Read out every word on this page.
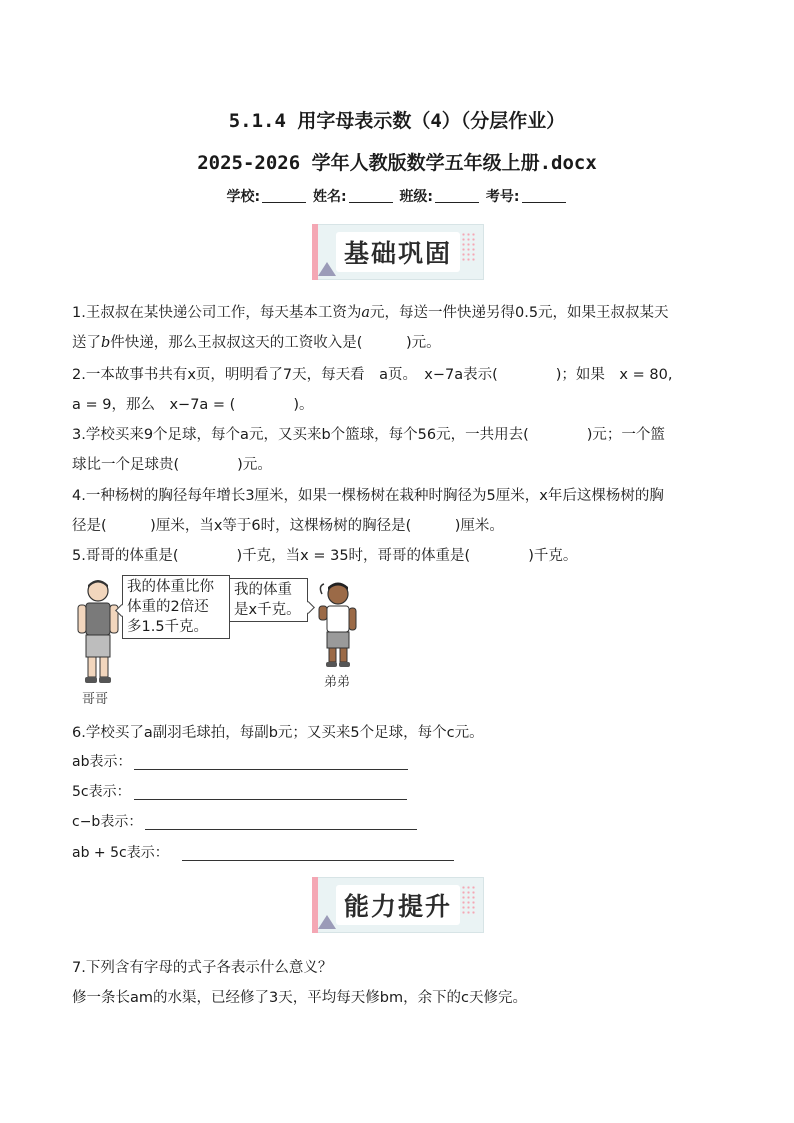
5.1.4 用字母表示数（4）（分层作业）
2025-2026 学年人教版数学五年级上册.docx
学校:	姓名:	班级:	考号:
基础巩固
1.王叔叔在某快递公司工作，每天基本工资为a元，每送一件快递另得0.5元，如果王叔叔某天
送了b件快递，那么王叔叔这天的工资收入是(　　　)元。
2.一本故事书共有x页，明明看了7天，每天看　a页。　x−7a表示(　　　　)；如果　x = 80,
a = 9，那么　x−7a = (　　　　)。
3.学校买来9个足球，每个a元，又买来b个篮球，每个56元，一共用去(　　　　)元；一个篮
球比一个足球贵(　　　　)元。
4.一种杨树的胸径每年增长3厘米，如果一棵杨树在栽种时胸径为5厘米，x年后这棵杨树的胸
径是(　　　)厘米，当x等于6时，这棵杨树的胸径是(　　　)厘米。
5.哥哥的体重是(　　　　)千克，当x = 35时，哥哥的体重是(　　　　)千克。
哥哥
我的体重比你
体重的2倍还
多1.5千克。
我的体重
是x千克。
弟弟
6.学校买了a副羽毛球拍，每副b元；又买来5个足球，每个c元。
ab表示：
5c表示：
c−b表示：
ab + 5c表示：
能力提升
7.下列含有字母的式子各表示什么意义？
修一条长am的水渠，已经修了3天，平均每天修bm，余下的c天修完。
